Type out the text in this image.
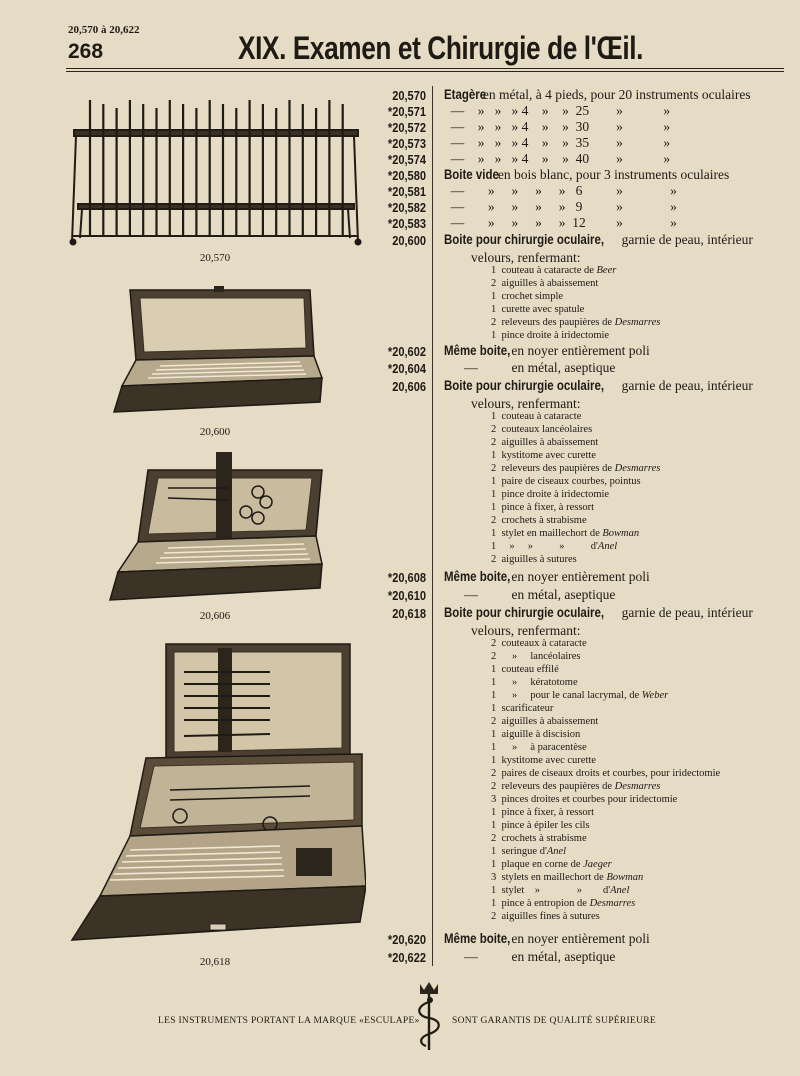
20,570 à 20,622
268	XIX. Examen et Chirurgie de l'Œil.
20,570
20,600
20,606
20,618
20,570 Etagère en métal, à 4 pieds, pour 20 instruments oculaires
*20,571 —    »   »   » 4    »    »  25        »            »
*20,572 —    »   »   » 4    »    »  30        »            »
*20,573 —    »   »   » 4    »    »  35        »            »
*20,574 —    »   »   » 4    »    »  40        »            »
*20,580 Boite vide en bois blanc, pour 3 instruments oculaires
*20,581 —       »     »     »     »   6          »              »
*20,582 —       »     »     »     »   9          »              »
*20,583 —       »     »     »     »  12         »              »
20,600 Boite pour chirurgie oculaire, garnie de peau, intérieur
*20,602 Même boite, en noyer entièrement poli
*20,604 —          en métal, aseptique
20,606 Boite pour chirurgie oculaire, garnie de peau, intérieur
*20,608 Même boite, en noyer entièrement poli
*20,610 —          en métal, aseptique
20,618 Boite pour chirurgie oculaire, garnie de peau, intérieur
*20,620 Même boite, en noyer entièrement poli
*20,622 —          en métal, aseptique
velours, renfermant:
velours, renfermant:
velours, renfermant:
1  couteau à cataracte de Beer
2  aiguilles à abaissement
1  crochet simple
1  curette avec spatule
2  releveurs des paupières de Desmarres
1  pince droite à iridectomie
1  couteau à cataracte
2  couteaux lancéolaires
2  aiguilles à abaissement
1  kystitome avec curette
2  releveurs des paupières de Desmarres
1  paire de ciseaux courbes, pointus
1  pince droite à iridectomie
1  pince à fixer, à ressort
2  crochets à strabisme
1  stylet en maillechort de Bowman
1     »     »          »          d'Anel
2  aiguilles à sutures
2  couteaux à cataracte
2      »     lancéolaires
1  couteau effilé
1      »     kératotome
1      »     pour le canal lacrymal, de Weber
1  scarificateur
2  aiguilles à abaissement
1  aiguille à discision
1      »     à paracentèse
1  kystitome avec curette
2  paires de ciseaux droits et courbes, pour iridectomie
2  releveurs des paupières de Desmarres
3  pinces droites et courbes pour iridectomie
1  pince à fixer, à ressort
1  pince à épiler les cils
2  crochets à strabisme
1  seringue d'Anel
1  plaque en corne de Jaeger
3  stylets en maillechort de Bowman
1  stylet    »              »        d'Anel
1  pince à entropion de Desmarres
2  aiguilles fines à sutures
LES INSTRUMENTS PORTANT LA MARQUE «ESCULAPE»	SONT GARANTIS DE QUALITÉ SUPÉRIEURE
